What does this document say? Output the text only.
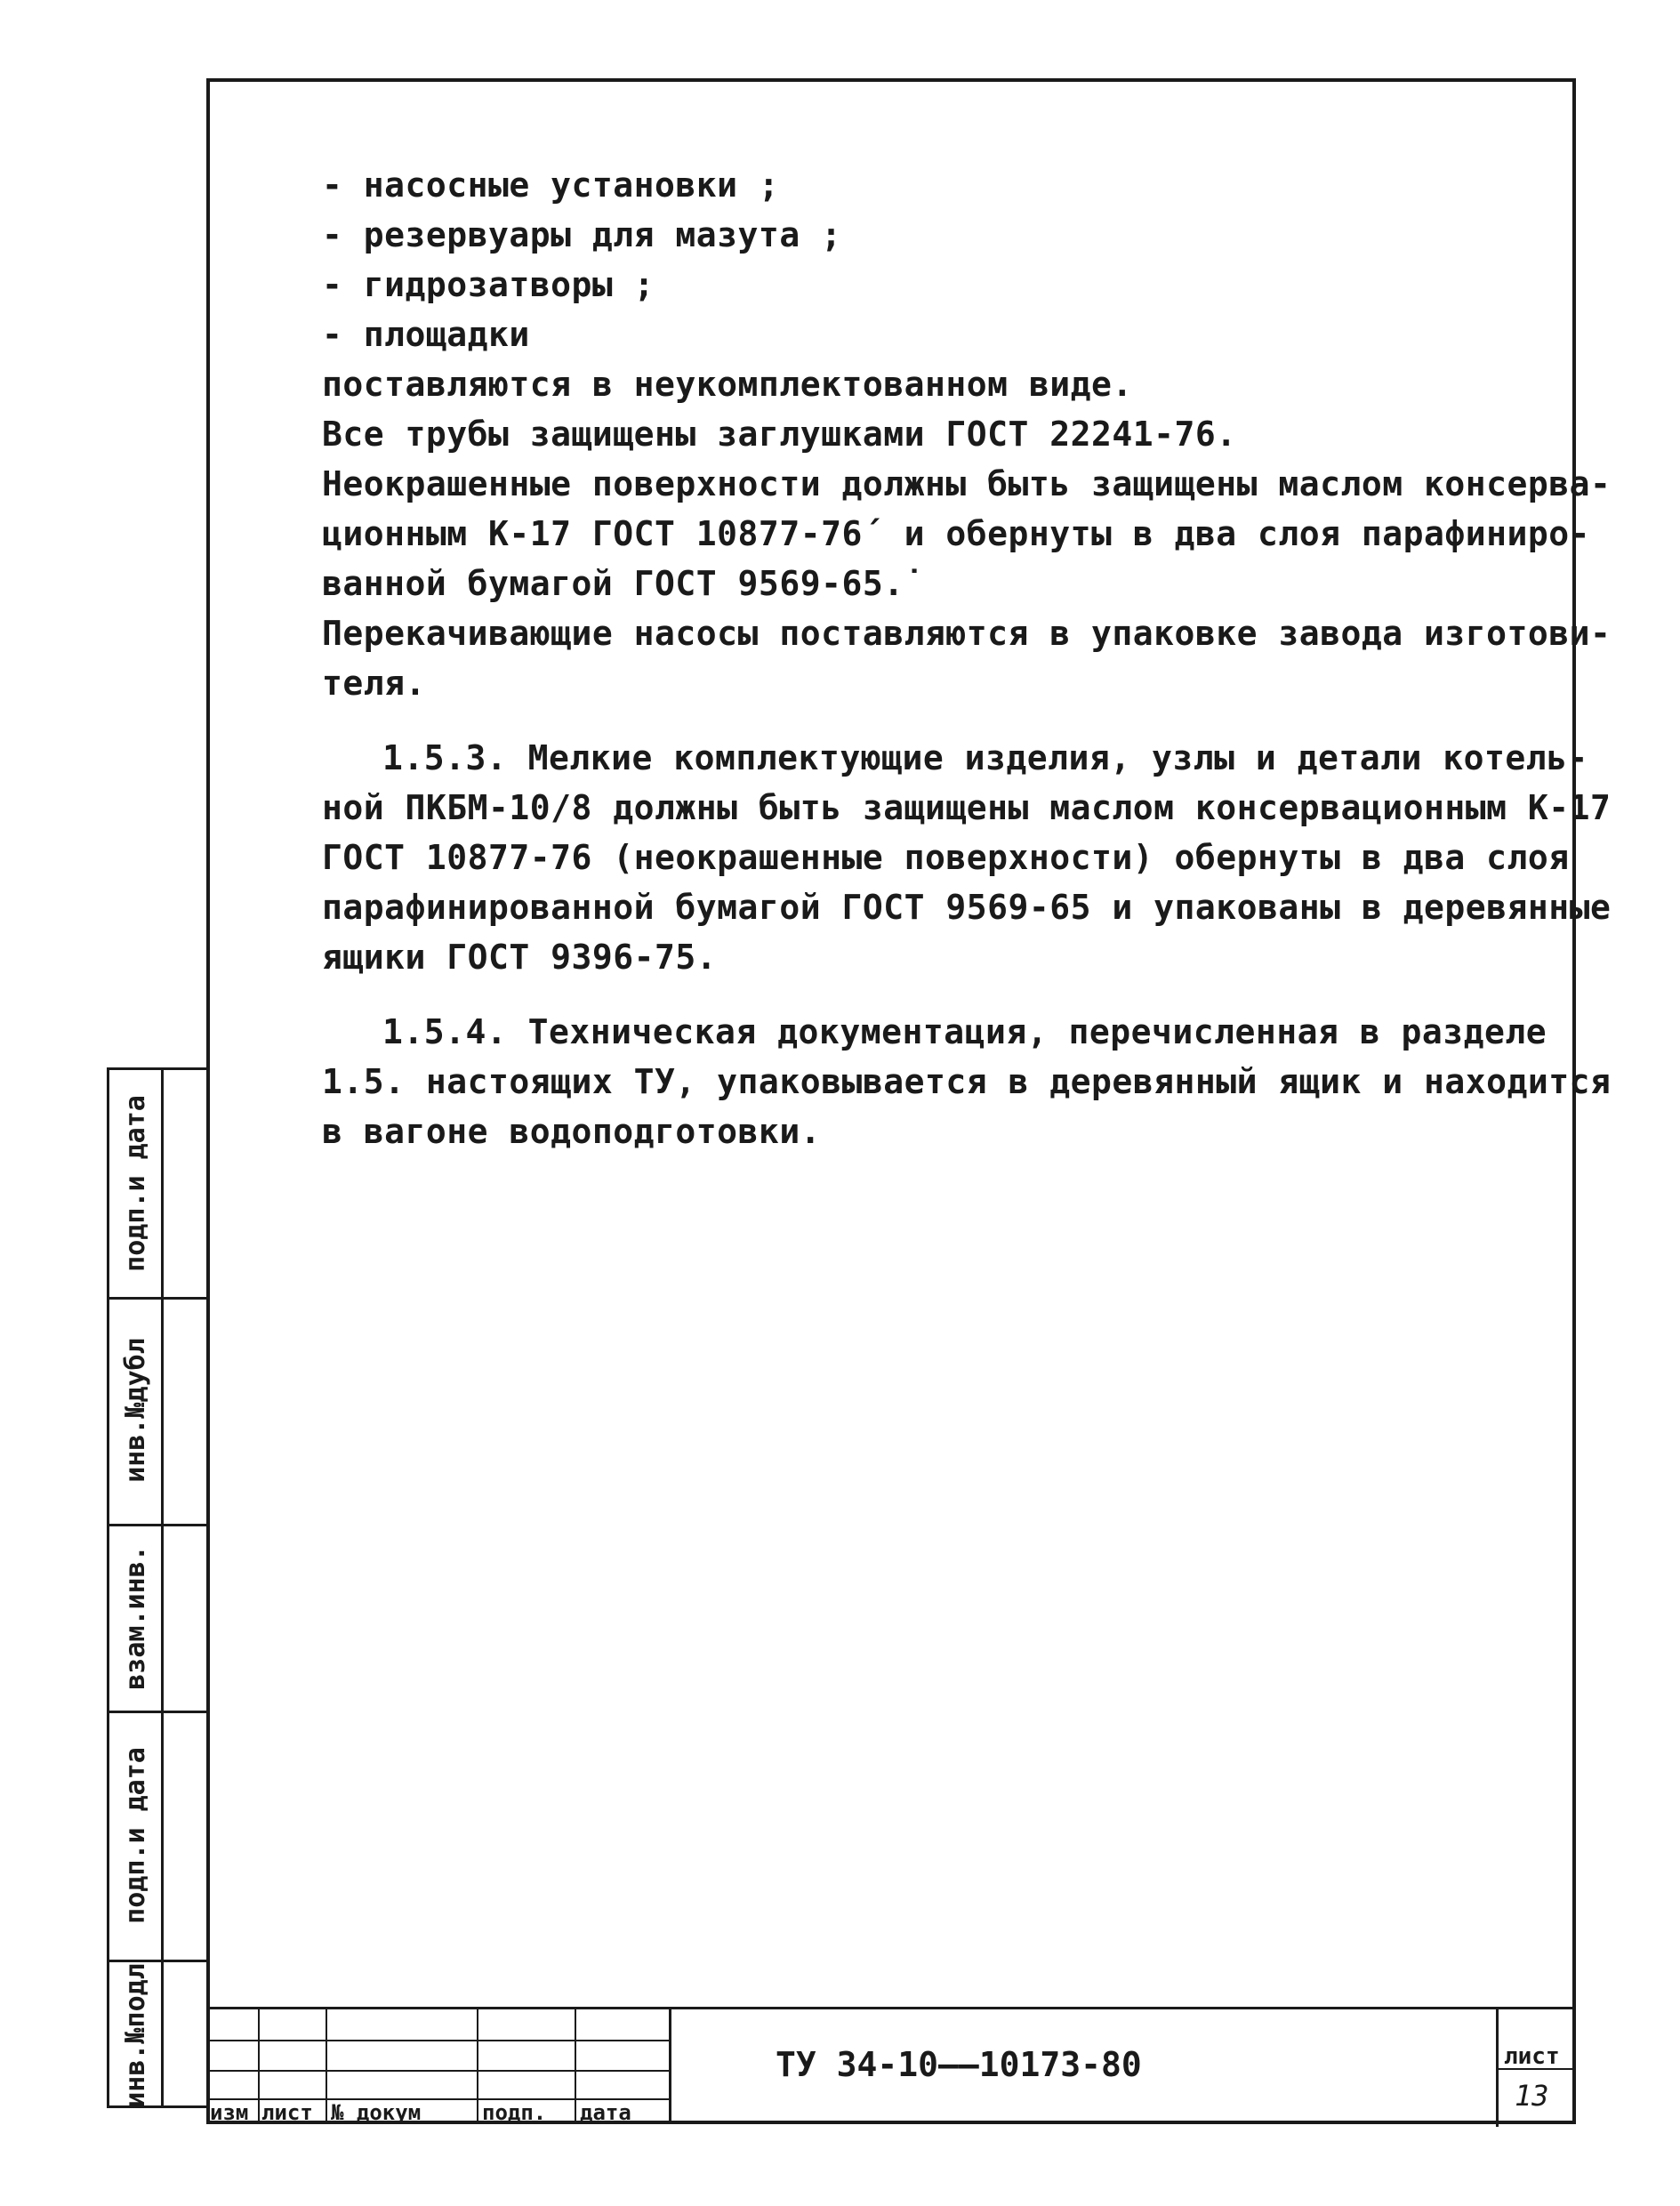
- насосные установки ;
- резервуары для мазута ;
- гидрозатворы ;
- площадки
поставляются в неукомплектованном виде.
Все трубы защищены заглушками ГОСТ 22241-76.
Неокрашенные поверхности должны быть защищены маслом консерва-
ционным К-17 ГОСТ 10877-76´ и обернуты в два слоя парафиниро-
ванной бумагой ГОСТ 9569-65.˙
Перекачивающие насосы поставляются в упаковке завода изготови-
теля.
1.5.3. Мелкие комплектующие изделия, узлы и детали котель-
ной ПКБМ-10/8 должны быть защищены маслом консервационным К-17
ГОСТ 10877-76 (неокрашенные поверхности) обернуты в два слоя
парафинированной бумагой ГОСТ 9569-65 и упакованы в деревянные
ящики ГОСТ 9396-75.
1.5.4. Техническая документация, перечисленная в разделе
1.5. настоящих ТУ, упаковывается в деревянный ящик и находится
в вагоне водоподготовки.
подп.и дата
инв.№дубл
взам.инв.
подп.и дата
инв.№подл
изм лист № докум	подп. дата
ТУ 34-10——10173-80	лист
13
